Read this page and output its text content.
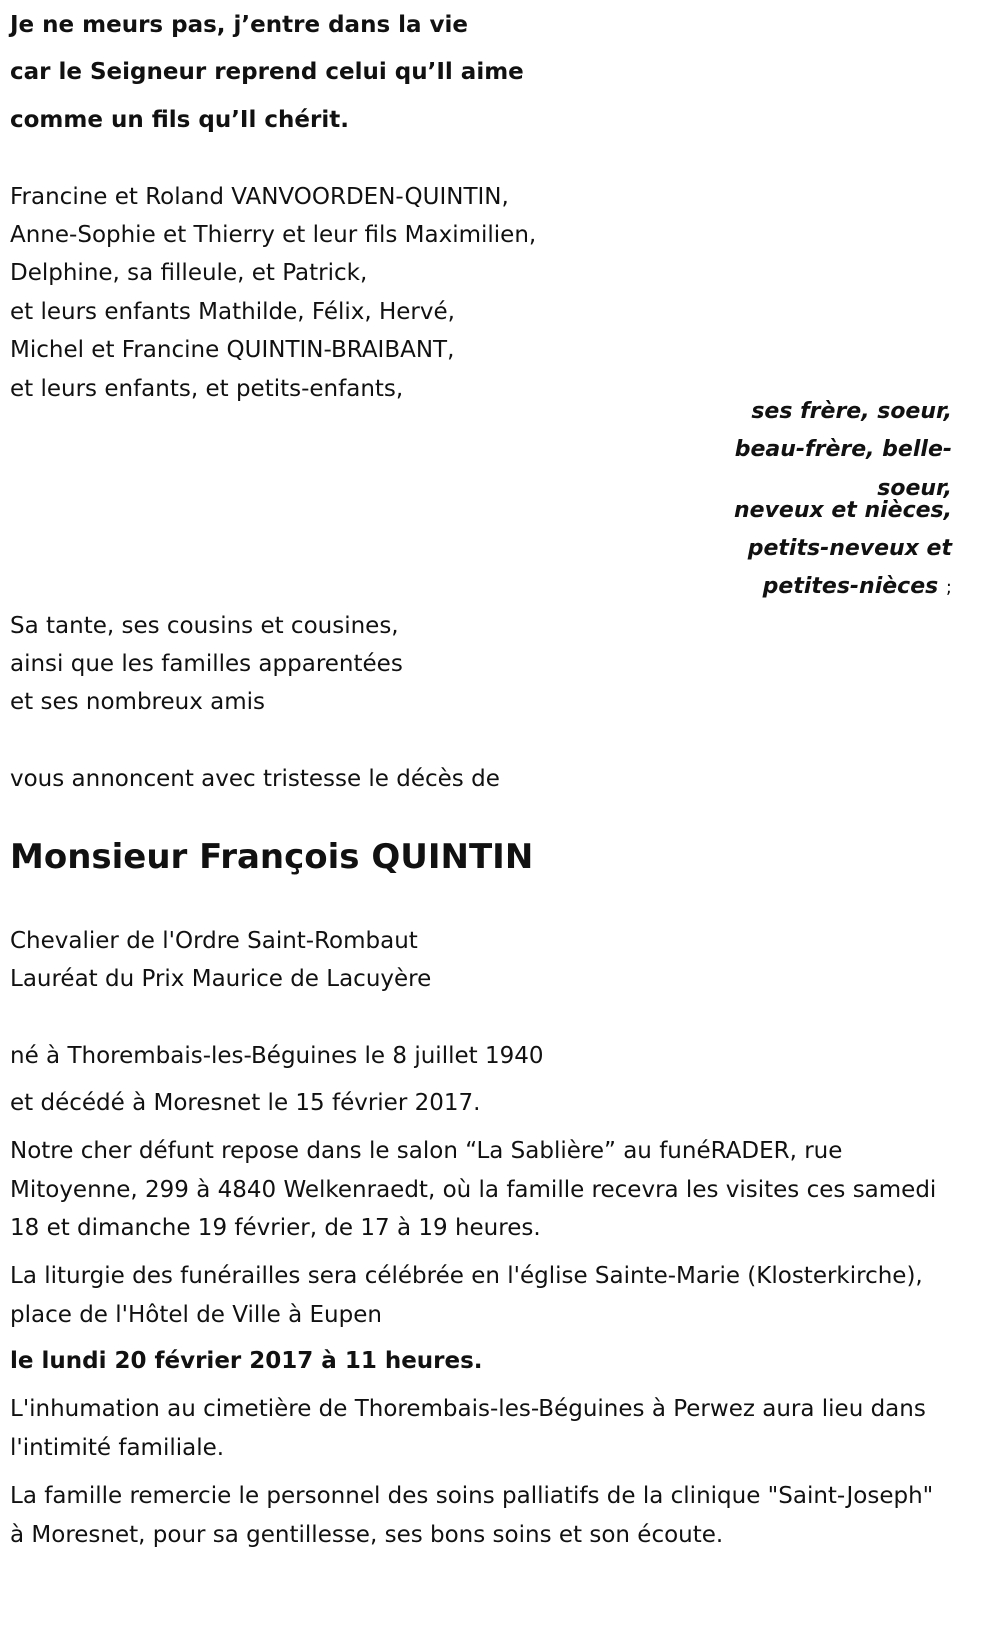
Je ne meurs pas, j’entre dans la vie
car le Seigneur reprend celui qu’Il aime
comme un fils qu’Il chérit.
Francine et Roland VANVOORDEN-QUINTIN,
Anne-Sophie et Thierry et leur fils Maximilien,
Delphine, sa filleule, et Patrick,
et leurs enfants Mathilde, Félix, Hervé,
Michel et Francine QUINTIN-BRAIBANT,
et leurs enfants, et petits-enfants,
ses frère, soeur,
beau-frère, belle-
soeur,
neveux et nièces,
petits-neveux et
petites-nièces ;
Sa tante, ses cousins et cousines,
ainsi que les familles apparentées
et ses nombreux amis
vous annoncent avec tristesse le décès de
Monsieur François QUINTIN
Chevalier de l'Ordre Saint-Rombaut
Lauréat du Prix Maurice de Lacuyère
né à Thorembais-les-Béguines le 8 juillet 1940
et décédé à Moresnet le 15 février 2017.
Notre cher défunt repose dans le salon “La Sablière” au funéRADER, rue Mitoyenne, 299 à 4840 Welkenraedt, où la famille recevra les visites ces samedi 18 et dimanche 19 février, de 17 à 19 heures.
La liturgie des funérailles sera célébrée en l'église Sainte-Marie (Klosterkirche), place de l'Hôtel de Ville à Eupen
le lundi 20 février 2017 à 11 heures.
L'inhumation au cimetière de Thorembais-les-Béguines à Perwez aura lieu dans l'intimité familiale.
La famille remercie le personnel des soins palliatifs de la clinique "Saint-Joseph" à Moresnet, pour sa gentillesse, ses bons soins et son écoute.
